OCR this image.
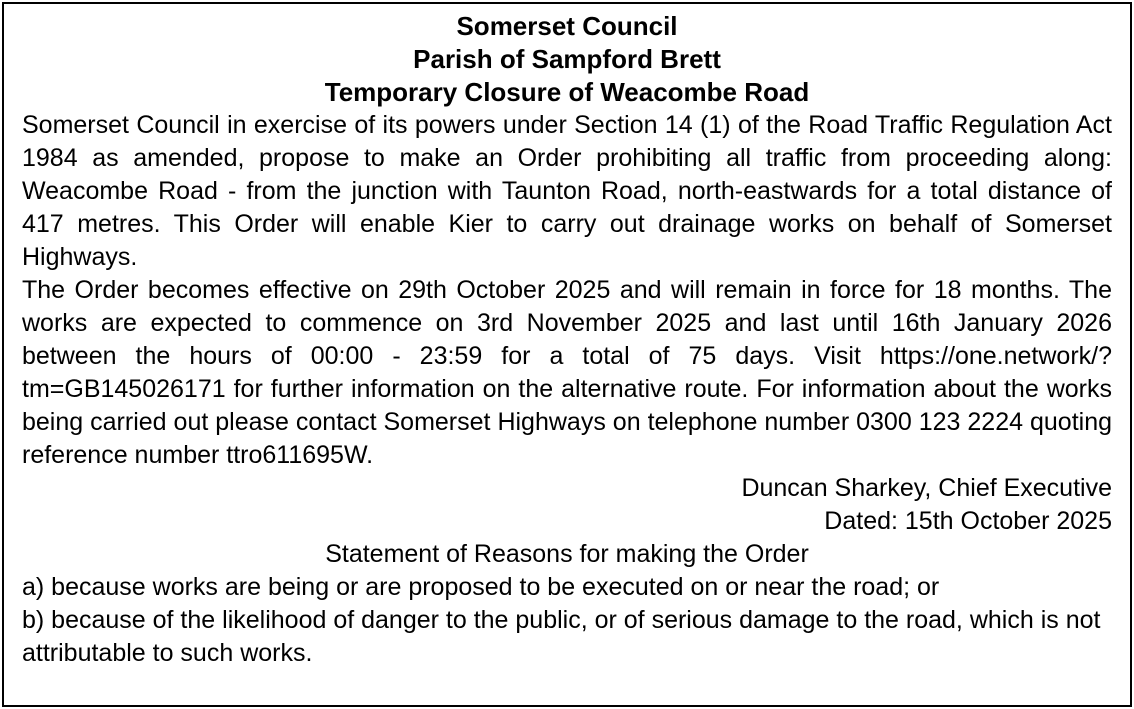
Somerset Council

Parish of Sampford Brett

Temporary Closure of Weacombe Road

Somerset Council in exercise of its powers under Section 14 (1) of the Road Traffic Regulation Act 1984 as amended, propose to make an Order prohibiting all traffic from proceeding along: Weacombe Road - from the junction with Taunton Road, north-eastwards for a total distance of 417 metres. This Order will enable Kier to carry out drainage works on behalf of Somerset Highways.

The Order becomes effective on 29th October 2025 and will remain in force for 18 months. The works are expected to commence on 3rd November 2025 and last until 16th January 2026 between the hours of 00:00 - 23:59 for a total of 75 days. Visit https://one.network/?tm=GB145026171 for further information on the alternative route. For information about the works being carried out please contact Somerset Highways on telephone number 0300 123 2224 quoting reference number ttro611695W.

Duncan Sharkey, Chief Executive

Dated: 15th October 2025

Statement of Reasons for making the Order

a) because works are being or are proposed to be executed on or near the road; or

b) because of the likelihood of danger to the public, or of serious damage to the road, which is not attributable to such works.
